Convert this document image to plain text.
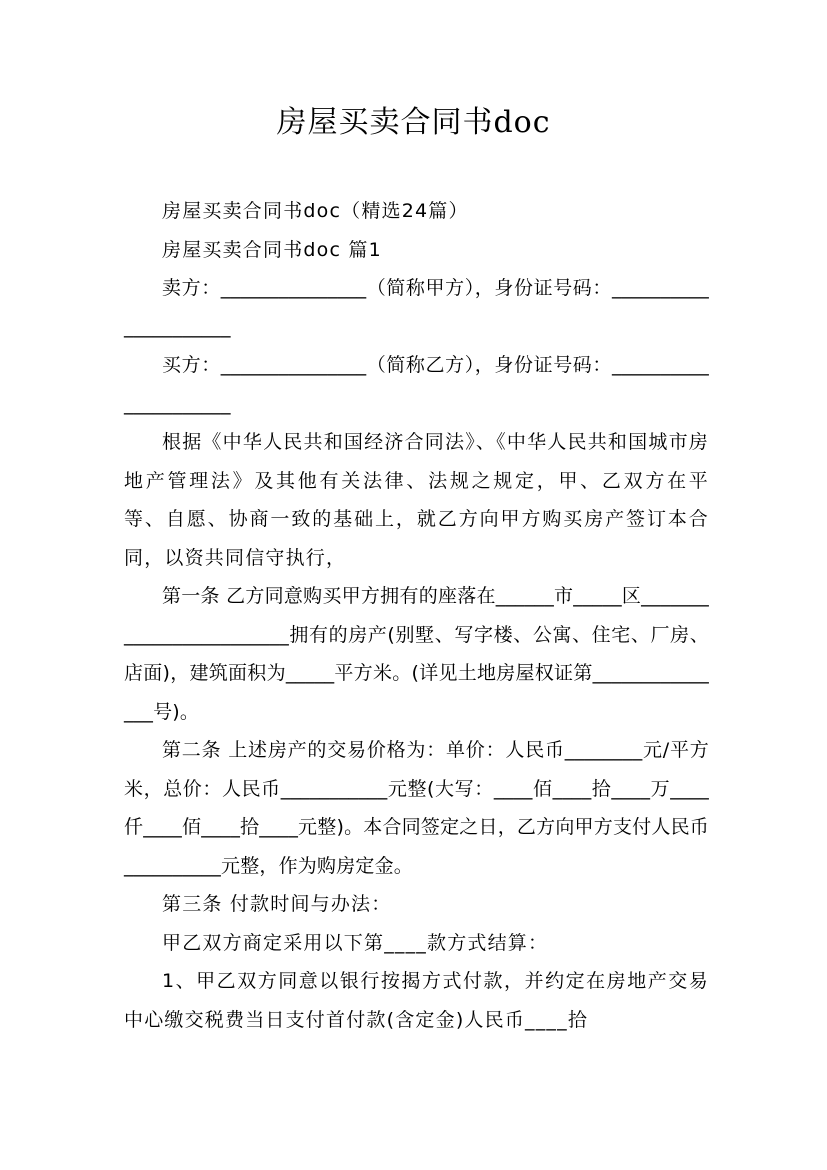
房屋买卖合同书doc

房屋买卖合同书doc（精选24篇）

房屋买卖合同书doc 篇1

卖方：_______________（简称甲方），身份证号码：_____________________

买方：_______________（简称乙方），身份证号码：_____________________

根据《中华人民共和国经济合同法》、《中华人民共和国城市房地产管理法》及其他有关法律、法规之规定，甲、乙双方在平等、自愿、协商一致的基础上，就乙方向甲方购买房产签订本合同，以资共同信守执行，

第一条 乙方同意购买甲方拥有的座落在______市_____区________________________拥有的房产(别墅、写字楼、公寓、住宅、厂房、店面)，建筑面积为_____平方米。(详见土地房屋权证第_______________号)。

第二条 上述房产的交易价格为：单价：人民币________元/平方米，总价：人民币___________元整(大写：____佰____拾____万____仟____佰____拾____元整)。本合同签定之日，乙方向甲方支付人民币 __________元整，作为购房定金。

第三条 付款时间与办法：

甲乙双方商定采用以下第____款方式结算：

1、甲乙双方同意以银行按揭方式付款，并约定在房地产交易中心缴交税费当日支付首付款(含定金)人民币____拾
